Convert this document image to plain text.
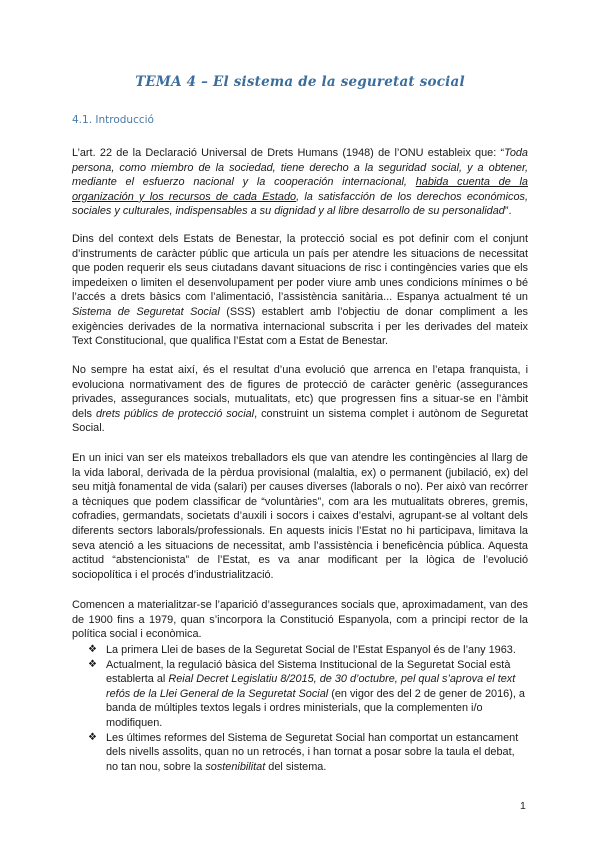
TEMA 4 – El sistema de la seguretat social
4.1. Introducció

L’art. 22 de la Declaració Universal de Drets Humans (1948) de l’ONU estableix que: “Toda persona, como miembro de la sociedad, tiene derecho a la seguridad social, y a obtener, mediante el esfuerzo nacional y la cooperación internacional, habida cuenta de la organización y los recursos de cada Estado, la satisfacción de los derechos económicos, sociales y culturales, indispensables a su dignidad y al libre desarrollo de su personalidad”.

Dins del context dels Estats de Benestar, la protecció social es pot definir com el conjunt d’instruments de caràcter públic que articula un país per atendre les situacions de necessitat que poden requerir els seus ciutadans davant situacions de risc i contingències varies que els impedeixen o limiten el desenvolupament per poder viure amb unes condicions mínimes o bé l’accés a drets bàsics com l’alimentació, l’assistència sanitària... Espanya actualment té un Sistema de Seguretat Social (SSS) establert amb l’objectiu de donar compliment a les exigències derivades de la normativa internacional subscrita i per les derivades del mateix Text Constitucional, que qualifica l’Estat com a Estat de Benestar.

No sempre ha estat així, és el resultat d’una evolució que arrenca en l’etapa franquista, i evoluciona normativament des de figures de protecció de caràcter genèric (assegurances privades, assegurances socials, mutualitats, etc) que progressen fins a situar-se en l’àmbit dels drets públics de protecció social, construint un sistema complet i autònom de Seguretat Social.

En un inici van ser els mateixos treballadors els que van atendre les contingències al llarg de la vida laboral, derivada de la pèrdua provisional (malaltia, ex) o permanent (jubilació, ex) del seu mitjà fonamental de vida (salari) per causes diverses (laborals o no). Per això van recórrer a tècniques que podem classificar de “voluntàries”, com ara les mutualitats obreres, gremis, cofradies, germandats, societats d’auxili i socors i caixes d’estalvi, agrupant-se al voltant dels diferents sectors laborals/professionals. En aquests inicis l’Estat no hi participava, limitava la seva atenció a les situacions de necessitat, amb l’assistència i beneficència pública. Aquesta actitud “abstencionista” de l’Estat, es va anar modificant per la lògica de l’evolució sociopolítica i el procés d’industrialització.

Comencen a materialitzar-se l’aparició d’assegurances socials que, aproximadament, van des de 1900 fins a 1979, quan s’incorpora la Constitució Espanyola, com a principi rector de la política social i econòmica.

❖ La primera Llei de bases de la Seguretat Social de l’Estat Espanyol és de l’any 1963.
❖ Actualment, la regulació bàsica del Sistema Institucional de la Seguretat Social està establerta al Reial Decret Legislatiu 8/2015, de 30 d’octubre, pel qual s’aprova el text refós de la Llei General de la Seguretat Social (en vigor des del 2 de gener de 2016), a banda de múltiples textos legals i ordres ministerials, que la complementen i/o modifiquen.
❖ Les últimes reformes del Sistema de Seguretat Social han comportat un estancament dels nivells assolits, quan no un retrocés, i han tornat a posar sobre la taula el debat, no tan nou, sobre la sostenibilitat del sistema.
1
